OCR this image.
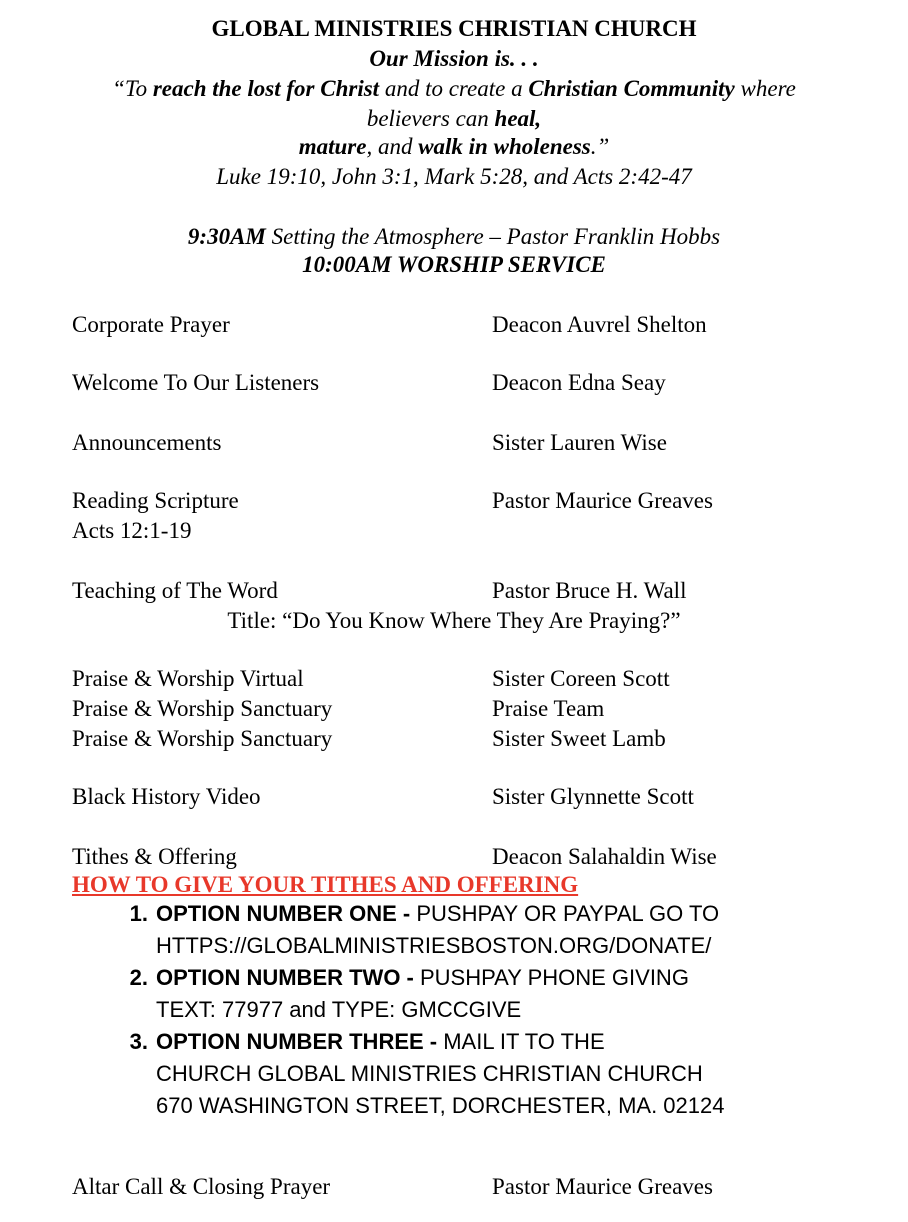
GLOBAL MINISTRIES CHRISTIAN CHURCH
Our Mission is. . .
“To reach the lost for Christ and to create a Christian Community where
believers can heal,
mature, and walk in wholeness.”
Luke 19:10, John 3:1, Mark 5:28, and Acts 2:42-47
9:30AM Setting the Atmosphere – Pastor Franklin Hobbs
10:00AM WORSHIP SERVICE
Corporate Prayer	Deacon Auvrel Shelton
Welcome To Our Listeners	Deacon Edna Seay
Announcements	Sister Lauren Wise
Reading Scripture	Pastor Maurice Greaves
Acts 12:1-19
Teaching of The Word	Pastor Bruce H. Wall
Title: “Do You Know Where They Are Praying?”
Praise & Worship Virtual	Sister Coreen Scott
Praise & Worship Sanctuary	Praise Team
Praise & Worship Sanctuary	Sister Sweet Lamb
Black History Video	Sister Glynnette Scott
Tithes & Offering	Deacon Salahaldin Wise
HOW TO GIVE YOUR TITHES AND OFFERING
1. OPTION NUMBER ONE - PUSHPAY OR PAYPAL GO TO
HTTPS://GLOBALMINISTRIESBOSTON.ORG/DONATE/
2. OPTION NUMBER TWO - PUSHPAY PHONE GIVING
TEXT: 77977 and TYPE: GMCCGIVE
3. OPTION NUMBER THREE - MAIL IT TO THE
CHURCH GLOBAL MINISTRIES CHRISTIAN CHURCH
670 WASHINGTON STREET, DORCHESTER, MA. 02124
Altar Call & Closing Prayer	Pastor Maurice Greaves
